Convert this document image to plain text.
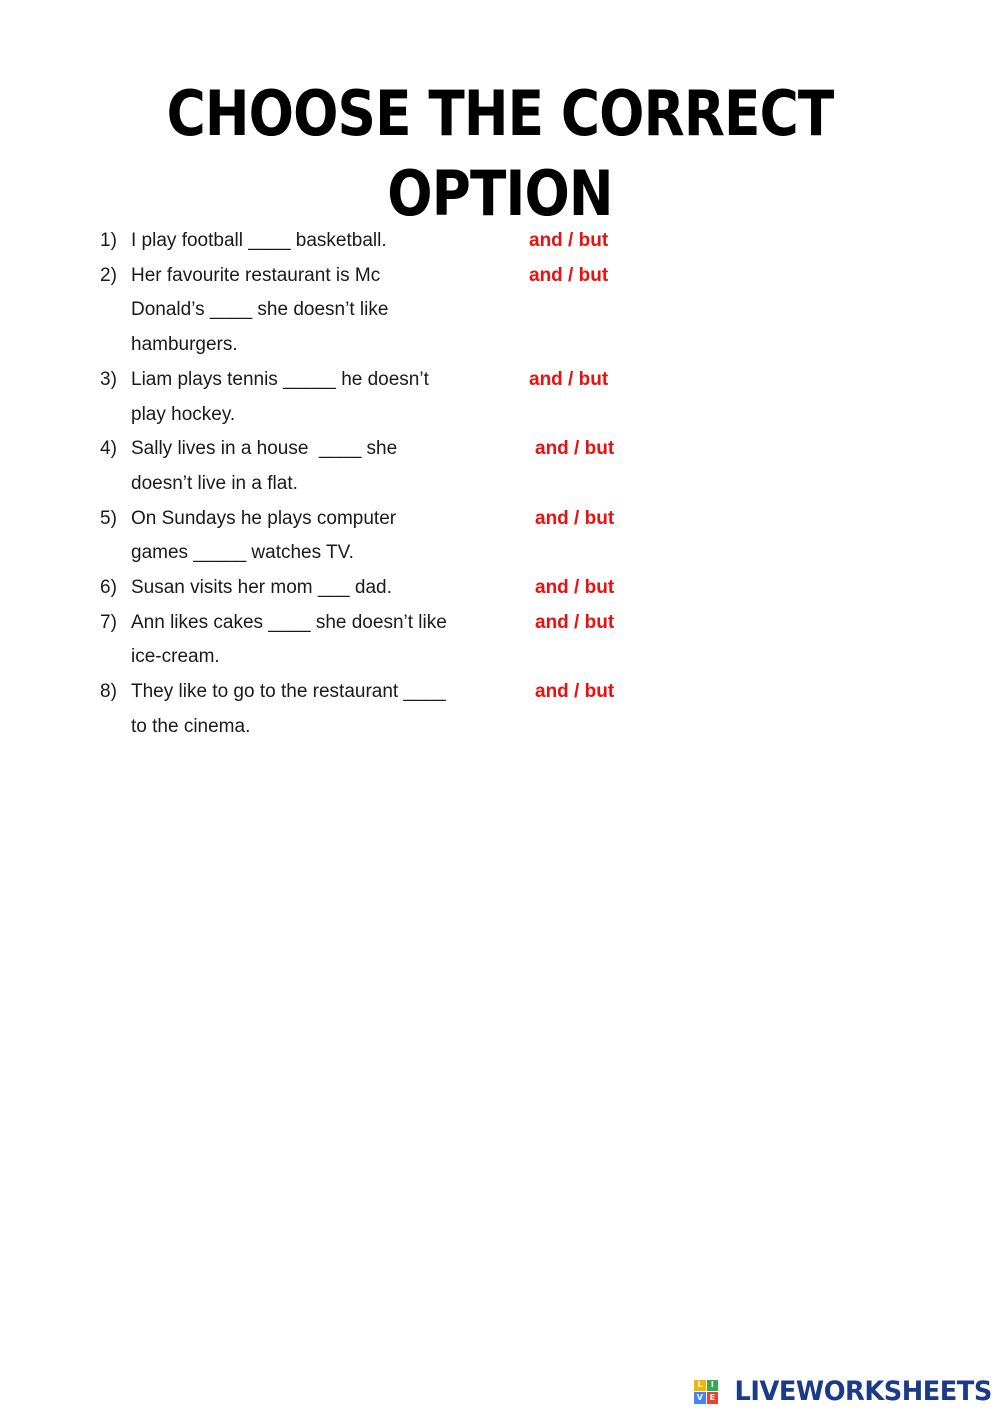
CHOOSE THE CORRECT OPTION
1) I play football ____ basketball.	and / but
2) Her favourite restaurant is Mc
Donald’s ____ she doesn’t like
hamburgers.
and / but
3) Liam plays tennis _____ he doesn’t
play hockey.
and / but
4) Sally lives in a house  ____ she
doesn’t live in a flat.
and / but
5) On Sundays he plays computer
games _____ watches TV.
and / but
6) Susan visits her mom ___ dad.	and / but
7) Ann likes cakes ____ she doesn’t like
ice-cream.
and / but
8) They like to go to the restaurant ____
to the cinema.
and / but
L	I
V E LIVEWORKSHEETS
